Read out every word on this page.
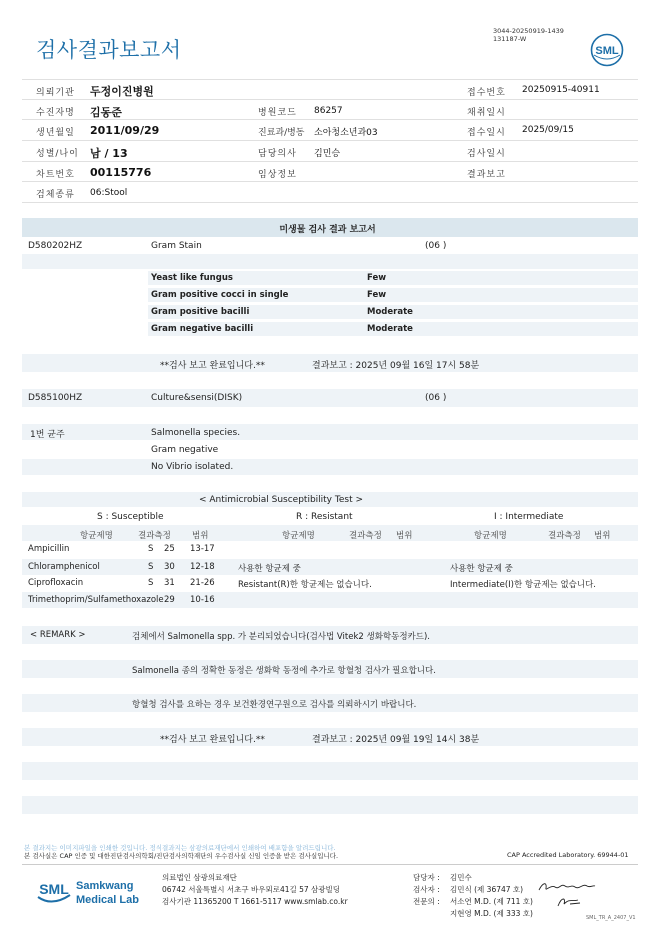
검사결과보고서
3044-20250919-1439
131187-W
SML
의뢰기관 두정이진병원	접수번호 20250915-40911
수진자명 김동준	병원코드 86257	채취일시
생년월일 2011/09/29	진료과/병동 소아청소년과03	접수일시 2025/09/15
성별/나이 남 / 13	담당의사 김민승	검사일시
차트번호 00115776	임상정보	결과보고
검체종류 06:Stool
미생물 검사 결과 보고서
D580202HZ	Gram Stain	(06 )
Yeast like fungus	Few
Gram positive cocci in single	Few
Gram positive bacilli	Moderate
Gram negative bacilli	Moderate
**검사 보고 완료입니다.**	결과보고 : 2025년 09월 16일 17시 58분
D585100HZ	Culture&sensi(DISK)	(06 )
1번 균주	Salmonella species.
Gram negative
No Vibrio isolated.
< Antimicrobial Susceptibility Test >
S : Susceptible	R : Resistant	I : Intermediate
항균제명	결과측정 범위	항균제명	결과측정 범위	항균제명	결과측정 범위
Ampicillin	S 25 13-17
Chloramphenicol	S 30 12-18	사용한 항균제 중	사용한 항균제 중
Ciprofloxacin	S 31 21-26	Resistant(R)한 항균제는 없습니다.	Intermediate(I)한 항균제는 없습니다.
Trimethoprim/Sulfamethoxazole 29 10-16
< REMARK >	검체에서 Salmonella spp. 가 분리되었습니다(검사법 Vitek2 생화학동정카드).
Salmonella 종의 정확한 동정은 생화학 동정에 추가로 항혈청 검사가 필요합니다.
항혈청 검사를 요하는 경우 보건환경연구원으로 검사를 의뢰하시기 바랍니다.
**검사 보고 완료입니다.**	결과보고 : 2025년 09월 19일 14시 38분
본 결과지는 이미지파일을 인쇄한 것입니다. 정식결과지는 삼광의료재단에서 인쇄하여 배포함을 알려드립니다.
본 검사실은 CAP 인증 및 대한진단검사의학회/진단검사의학재단의 우수검사실 신임 인증을 받은 검사실입니다.	CAP Accredited Laboratory. 69944-01
SML Samkwang
Medical Lab
의료법인 삼광의료재단
06742 서울특별시 서초구 바우뫼로41길 57 삼광빌딩
검사기관 11365200 T 1661-5117 www.smlab.co.kr
담당자 : 김민수
검사자 : 김민식 (제 36747 호)
전문의 : 서소연 M.D. (제 711 호)
지현영 M.D. (제 333 호)	SML_TR_A_2407_V1
